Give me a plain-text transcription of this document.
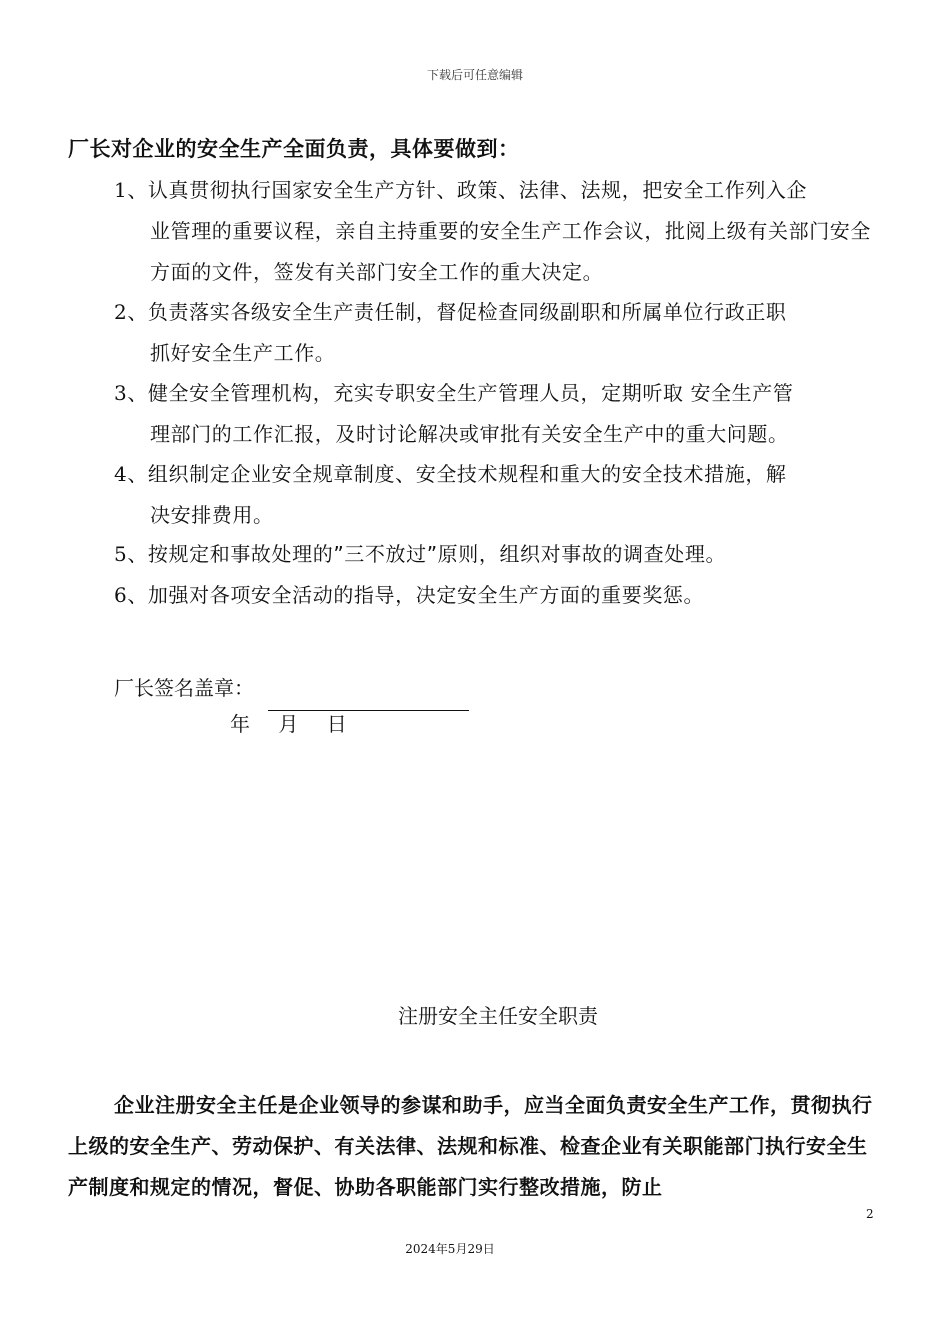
下载后可任意编辑
厂长对企业的安全生产全面负责，具体要做到：
1、认真贯彻执行国家安全生产方针、政策、法律、法规，把安全工作列入企
业管理的重要议程，亲自主持重要的安全生产工作会议，批阅上级有关部门安全方面的文件，签发有关部门安全工作的重大决定。
2、负责落实各级安全生产责任制，督促检查同级副职和所属单位行政正职
抓好安全生产工作。
3、健全安全管理机构，充实专职安全生产管理人员，定期听取 安全生产管
理部门的工作汇报，及时讨论解决或审批有关安全生产中的重大问题。
4、组织制定企业安全规章制度、安全技术规程和重大的安全技术措施，解
决安排费用。
5、按规定和事故处理的”三不放过”原则，组织对事故的调查处理。
6、加强对各项安全活动的指导，决定安全生产方面的重要奖惩。
厂长签名盖章：
年 月 日
注册安全主任安全职责
企业注册安全主任是企业领导的参谋和助手，应当全面负责安全生产工作，贯彻执行上级的安全生产、劳动保护、有关法律、法规和标准、检查企业有关职能部门执行安全生产制度和规定的情况，督促、协助各职能部门实行整改措施，防止
2
2024年5月29日
